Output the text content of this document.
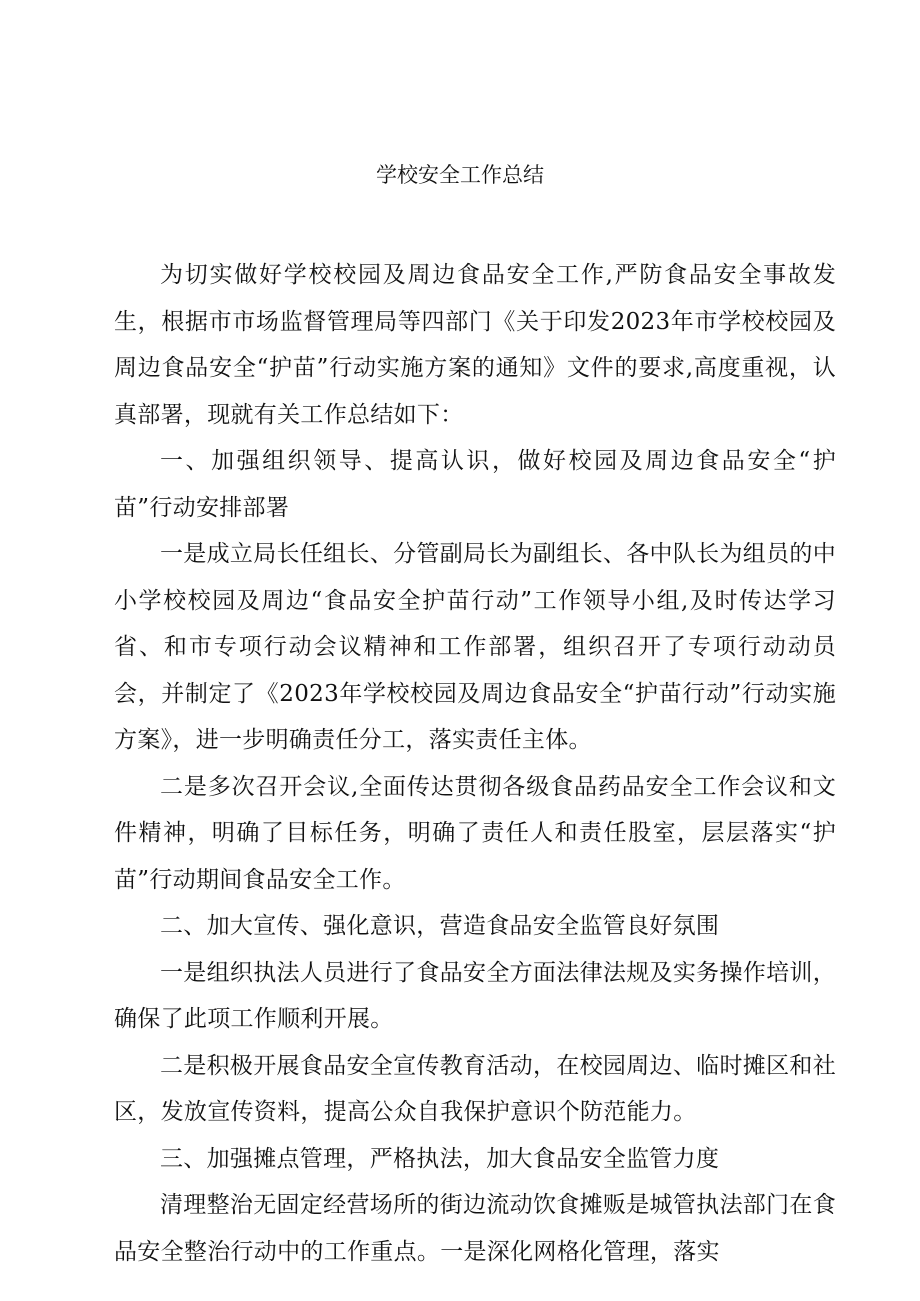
学校安全工作总结

为切实做好学校校园及周边食品安全工作,严防食品安全事故发生，根据市市场监督管理局等四部门《关于印发2023年市学校校园及周边食品安全“护苗”行动实施方案的通知》文件的要求,高度重视，认真部署，现就有关工作总结如下：

一、加强组织领导、提高认识，做好校园及周边食品安全“护苗”行动安排部署

一是成立局长任组长、分管副局长为副组长、各中队长为组员的中小学校校园及周边“食品安全护苗行动”工作领导小组,及时传达学习省、和市专项行动会议精神和工作部署，组织召开了专项行动动员会，并制定了《2023年学校校园及周边食品安全“护苗行动”行动实施方案》，进一步明确责任分工，落实责任主体。

二是多次召开会议,全面传达贯彻各级食品药品安全工作会议和文件精神，明确了目标任务，明确了责任人和责任股室，层层落实“护苗”行动期间食品安全工作。

二、加大宣传、强化意识，营造食品安全监管良好氛围

一是组织执法人员进行了食品安全方面法律法规及实务操作培训，确保了此项工作顺利开展。

二是积极开展食品安全宣传教育活动，在校园周边、临时摊区和社区，发放宣传资料，提高公众自我保护意识个防范能力。

三、加强摊点管理，严格执法，加大食品安全监管力度

清理整治无固定经营场所的街边流动饮食摊贩是城管执法部门在食品安全整治行动中的工作重点。一是深化网格化管理，落实
